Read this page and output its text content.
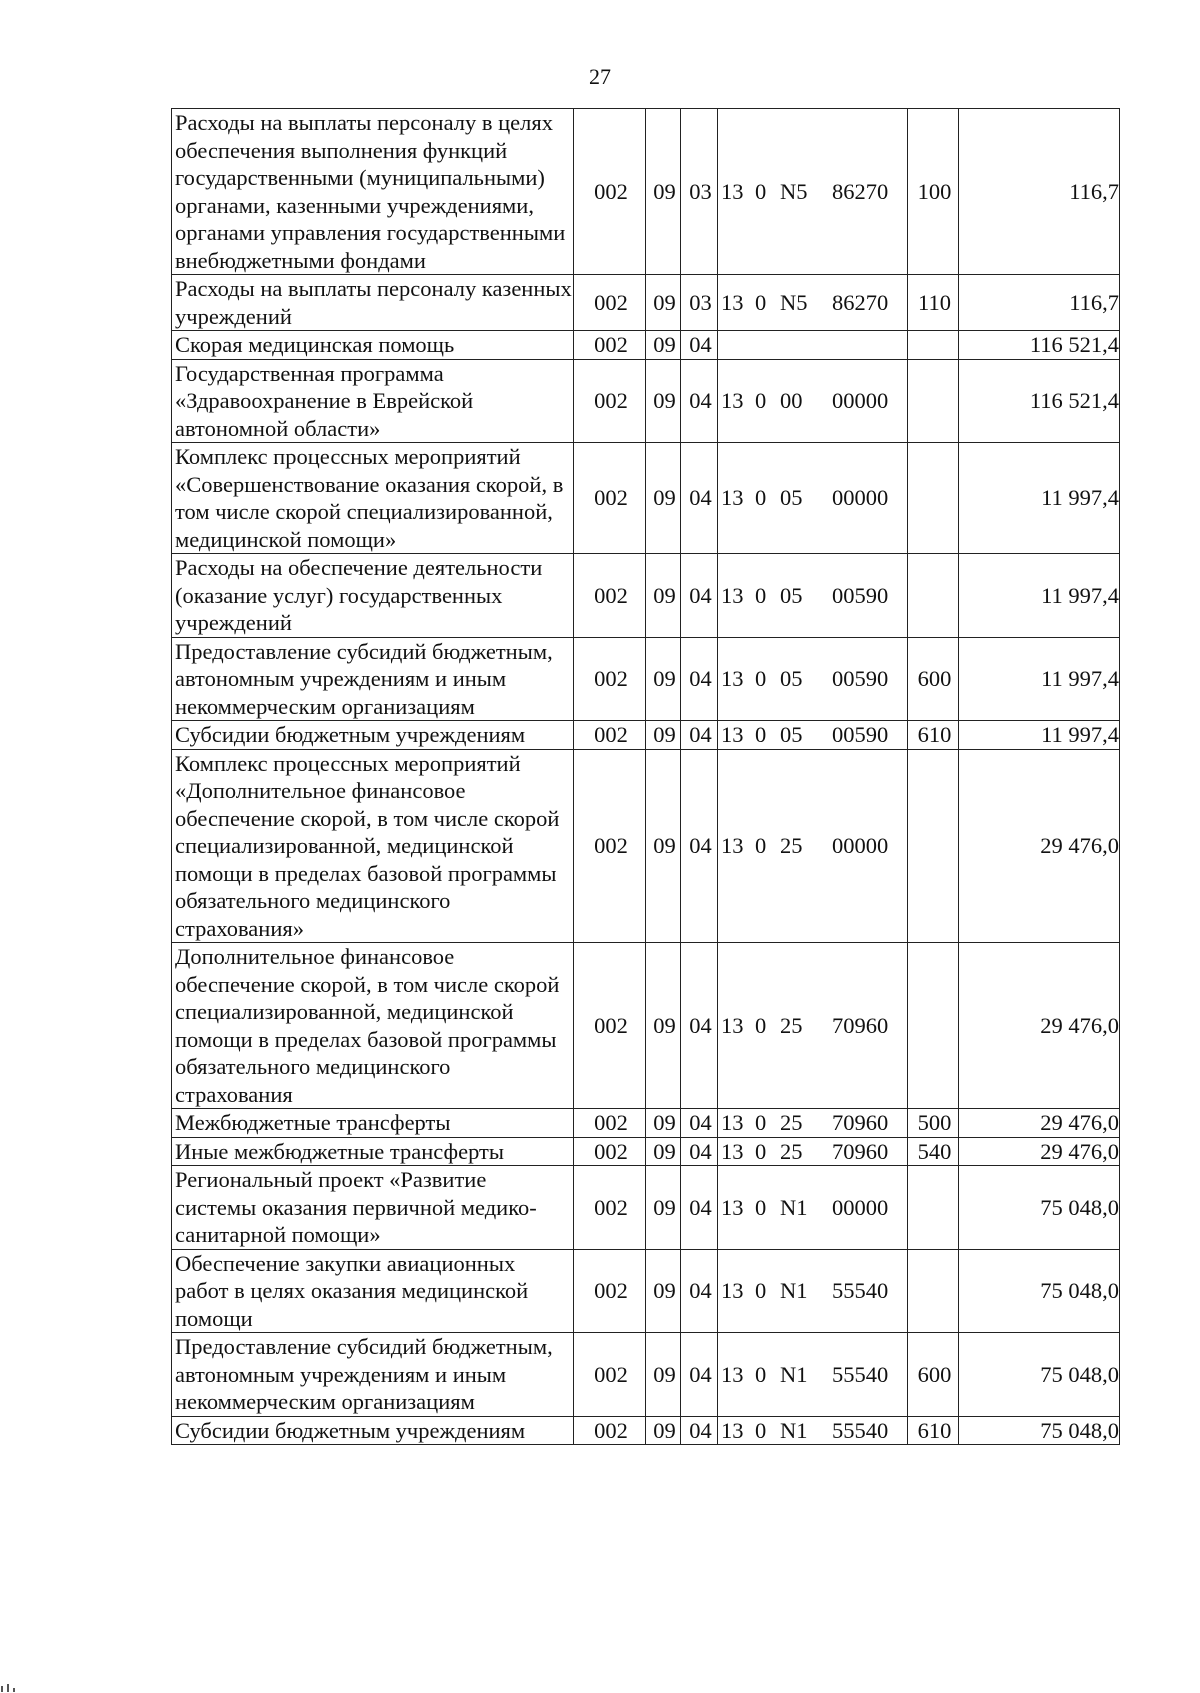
27
Расходы на выплаты персоналу в целях обеспечения выполнения функций государственными (муниципальными) органами, казенными учреждениями, органами управления государственными внебюджетными фондами	002	09	03	13 0 N5 86270	100	116,7
Расходы на выплаты персоналу казенных учреждений	002	09	03	13 0 N5 86270	110	116,7
Скорая медицинская помощь	002	09	04			116 521,4
Государственная программа «Здравоохранение в Еврейской автономной области»	002	09	04	13 0 00 00000		116 521,4
Комплекс процессных мероприятий «Совершенствование оказания скорой, в том числе скорой специализированной, медицинской помощи»	002	09	04	13 0 05 00000		11 997,4
Расходы на обеспечение деятельности (оказание услуг) государственных учреждений	002	09	04	13 0 05 00590		11 997,4
Предоставление субсидий бюджетным, автономным учреждениям и иным некоммерческим организациям	002	09	04	13 0 05 00590	600	11 997,4
Субсидии бюджетным учреждениям	002	09	04	13 0 05 00590	610	11 997,4
Комплекс процессных мероприятий «Дополнительное финансовое обеспечение скорой, в том числе скорой специализированной, медицинской помощи в пределах базовой программы обязательного медицинского страхования»	002	09	04	13 0 25 00000		29 476,0
Дополнительное финансовое обеспечение скорой, в том числе скорой специализированной, медицинской помощи в пределах базовой программы обязательного медицинского страхования	002	09	04	13 0 25 70960		29 476,0
Межбюджетные трансферты	002	09	04	13 0 25 70960	500	29 476,0
Иные межбюджетные трансферты	002	09	04	13 0 25 70960	540	29 476,0
Региональный проект «Развитие системы оказания первичной медико-санитарной помощи»	002	09	04	13 0 N1 00000		75 048,0
Обеспечение закупки авиационных работ в целях оказания медицинской помощи	002	09	04	13 0 N1 55540		75 048,0
Предоставление субсидий бюджетным, автономным учреждениям и иным некоммерческим организациям	002	09	04	13 0 N1 55540	600	75 048,0
Субсидии бюджетным учреждениям	002	09	04	13 0 N1 55540	610	75 048,0
